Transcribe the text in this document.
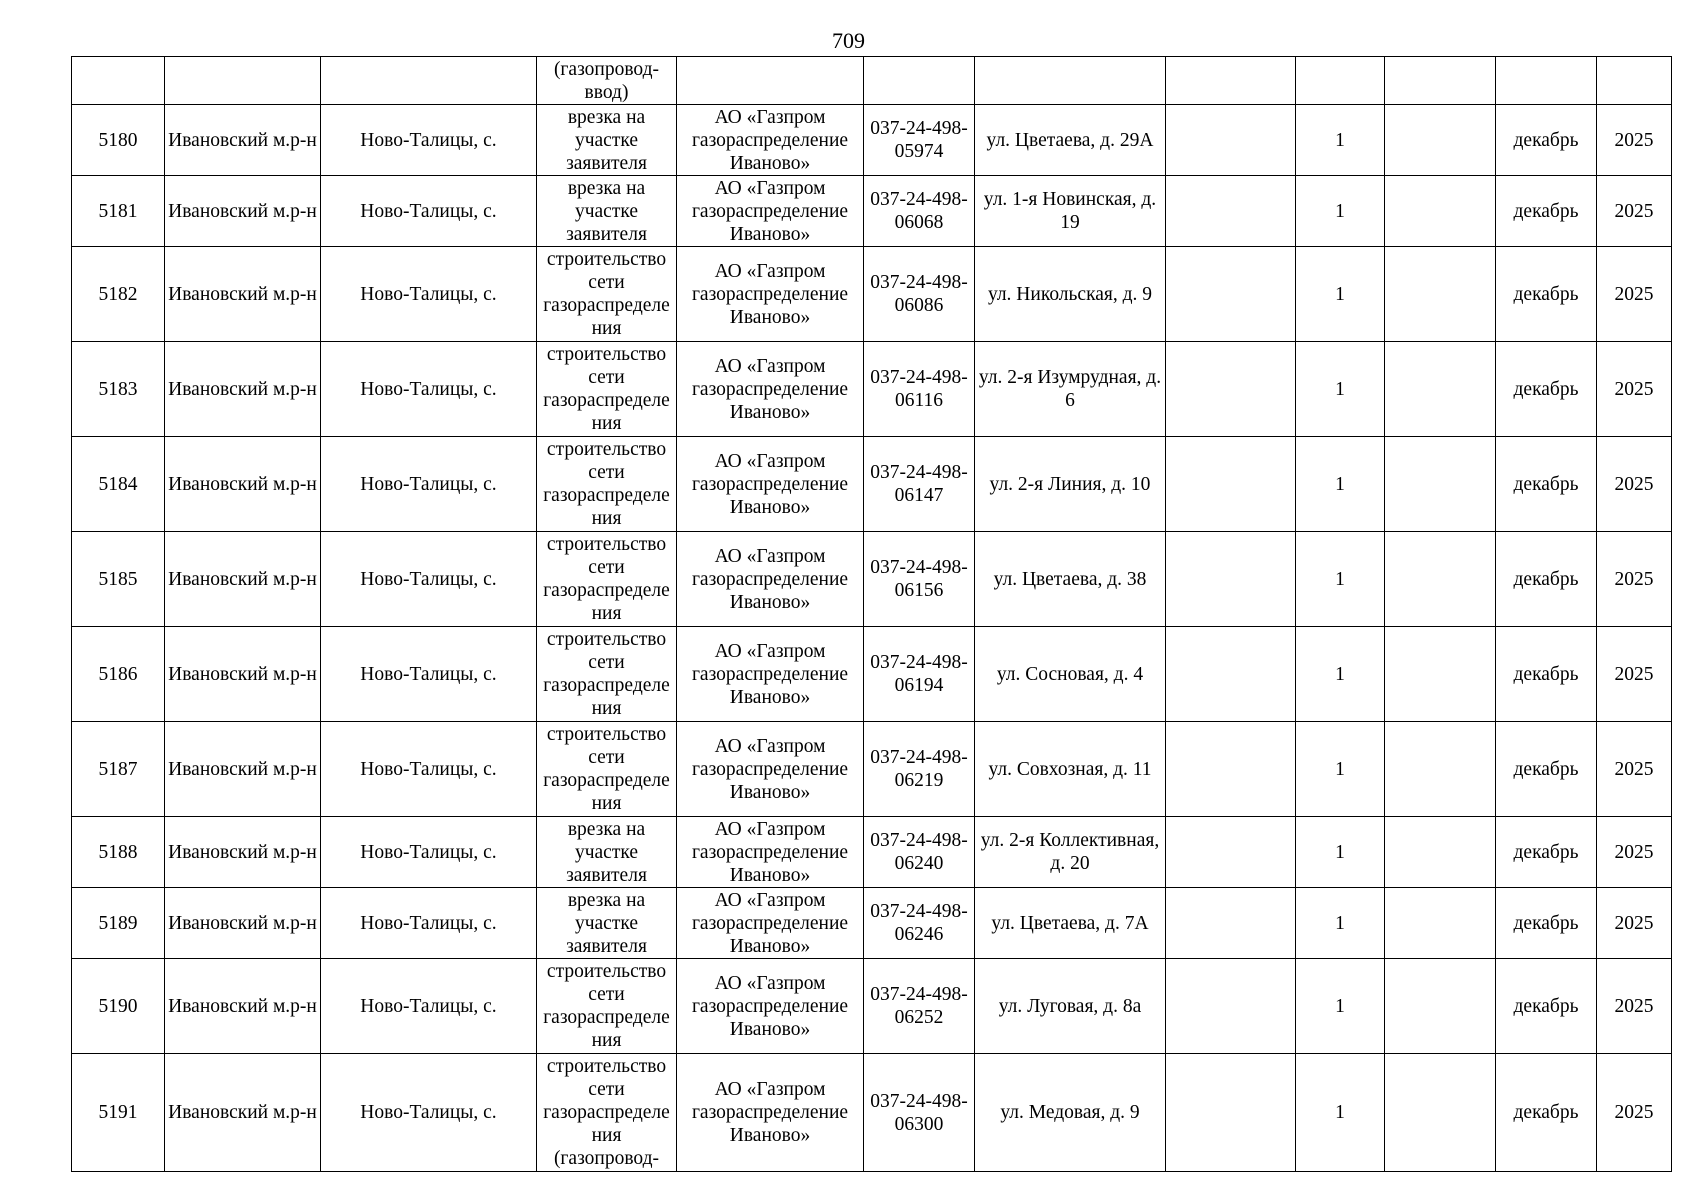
709

			(газопровод-ввод)								

5180	Ивановский м.р-н	Ново-Талицы, с.	врезка на участке заявителя	АО «Газпром газораспределение Иваново»	037-24-498-05974	ул. Цветаева, д. 29А		1		декабрь	2025

5181	Ивановский м.р-н	Ново-Талицы, с.	врезка на участке заявителя	АО «Газпром газораспределение Иваново»	037-24-498-06068	ул. 1-я Новинская, д. 19		1		декабрь	2025

5182	Ивановский м.р-н	Ново-Талицы, с.	строительство сети газораспределения	АО «Газпром газораспределение Иваново»	037-24-498-06086	ул. Никольская, д. 9		1		декабрь	2025

5183	Ивановский м.р-н	Ново-Талицы, с.	строительство сети газораспределения	АО «Газпром газораспределение Иваново»	037-24-498-06116	ул. 2-я Изумрудная, д. 6		1		декабрь	2025

5184	Ивановский м.р-н	Ново-Талицы, с.	строительство сети газораспределения	АО «Газпром газораспределение Иваново»	037-24-498-06147	ул. 2-я Линия, д. 10		1		декабрь	2025

5185	Ивановский м.р-н	Ново-Талицы, с.	строительство сети газораспределения	АО «Газпром газораспределение Иваново»	037-24-498-06156	ул. Цветаева, д. 38		1		декабрь	2025

5186	Ивановский м.р-н	Ново-Талицы, с.	строительство сети газораспределения	АО «Газпром газораспределение Иваново»	037-24-498-06194	ул. Сосновая, д. 4		1		декабрь	2025

5187	Ивановский м.р-н	Ново-Талицы, с.	строительство сети газораспределения	АО «Газпром газораспределение Иваново»	037-24-498-06219	ул. Совхозная, д. 11		1		декабрь	2025

5188	Ивановский м.р-н	Ново-Талицы, с.	врезка на участке заявителя	АО «Газпром газораспределение Иваново»	037-24-498-06240	ул. 2-я Коллективная, д. 20		1		декабрь	2025

5189	Ивановский м.р-н	Ново-Талицы, с.	врезка на участке заявителя	АО «Газпром газораспределение Иваново»	037-24-498-06246	ул. Цветаева, д. 7А		1		декабрь	2025

5190	Ивановский м.р-н	Ново-Талицы, с.	строительство сети газораспределения	АО «Газпром газораспределение Иваново»	037-24-498-06252	ул. Луговая, д. 8а		1		декабрь	2025

5191	Ивановский м.р-н	Ново-Талицы, с.	строительство сети газораспределения (газопровод-	АО «Газпром газораспределение Иваново»	037-24-498-06300	ул. Медовая, д. 9		1		декабрь	2025
